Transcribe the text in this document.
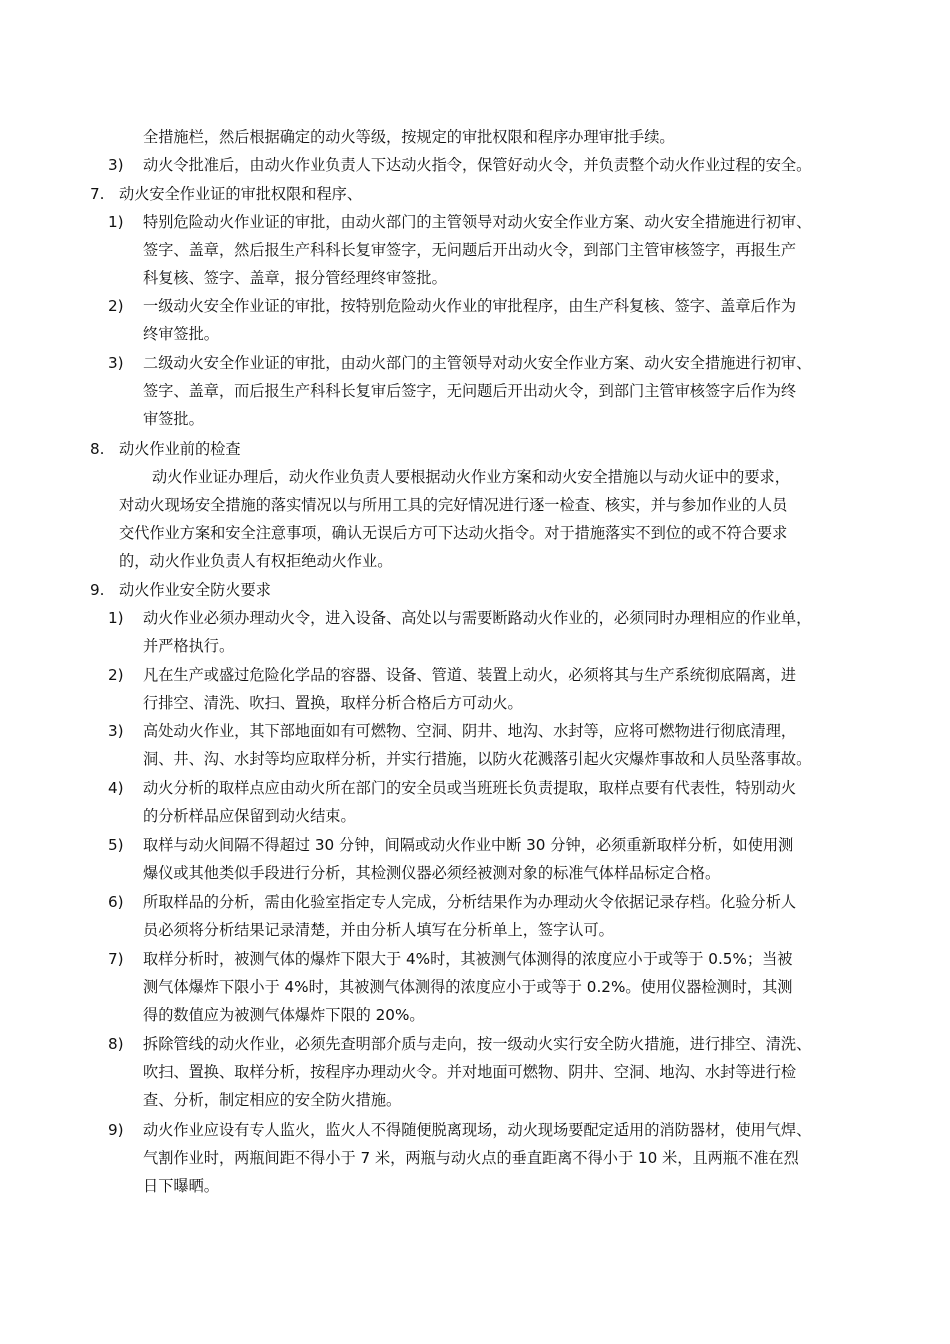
全措施栏，然后根据确定的动火等级，按规定的审批权限和程序办理审批手续。
3) 动火令批准后，由动火作业负责人下达动火指令，保管好动火令，并负责整个动火作业过程的安全。
7. 动火安全作业证的审批权限和程序、
1) 特别危险动火作业证的审批，由动火部门的主管领导对动火安全作业方案、动火安全措施进行初审、
签字、盖章，然后报生产科科长复审签字，无问题后开出动火令，到部门主管审核签字，再报生产
科复核、签字、盖章，报分管经理终审签批。
2) 一级动火安全作业证的审批，按特别危险动火作业的审批程序，由生产科复核、签字、盖章后作为
终审签批。
3) 二级动火安全作业证的审批，由动火部门的主管领导对动火安全作业方案、动火安全措施进行初审、
签字、盖章，而后报生产科科长复审后签字，无问题后开出动火令，到部门主管审核签字后作为终
审签批。
8. 动火作业前的检查
动火作业证办理后，动火作业负责人要根据动火作业方案和动火安全措施以与动火证中的要求，
对动火现场安全措施的落实情况以与所用工具的完好情况进行逐一检查、核实，并与参加作业的人员
交代作业方案和安全注意事项，确认无误后方可下达动火指令。对于措施落实不到位的或不符合要求
的，动火作业负责人有权拒绝动火作业。
9. 动火作业安全防火要求
1) 动火作业必须办理动火令，进入设备、高处以与需要断路动火作业的，必须同时办理相应的作业单，
并严格执行。
2) 凡在生产或盛过危险化学品的容器、设备、管道、装置上动火，必须将其与生产系统彻底隔离，进
行排空、清洗、吹扫、置换，取样分析合格后方可动火。
3) 高处动火作业，其下部地面如有可燃物、空洞、阴井、地沟、水封等，应将可燃物进行彻底清理，
洞、井、沟、水封等均应取样分析，并实行措施，以防火花溅落引起火灾爆炸事故和人员坠落事故。
4) 动火分析的取样点应由动火所在部门的安全员或当班班长负责提取，取样点要有代表性，特别动火
的分析样品应保留到动火结束。
5) 取样与动火间隔不得超过 30 分钟，间隔或动火作业中断 30 分钟，必须重新取样分析，如使用测
爆仪或其他类似手段进行分析，其检测仪器必须经被测对象的标准气体样品标定合格。
6) 所取样品的分析，需由化验室指定专人完成，分析结果作为办理动火令依据记录存档。化验分析人
员必须将分析结果记录清楚，并由分析人填写在分析单上，签字认可。
7) 取样分析时，被测气体的爆炸下限大于 4%时，其被测气体测得的浓度应小于或等于 0.5%；当被
测气体爆炸下限小于 4%时，其被测气体测得的浓度应小于或等于 0.2%。使用仪器检测时，其测
得的数值应为被测气体爆炸下限的 20%。
8) 拆除管线的动火作业，必须先查明部介质与走向，按一级动火实行安全防火措施，进行排空、清洗、
吹扫、置换、取样分析，按程序办理动火令。并对地面可燃物、阴井、空洞、地沟、水封等进行检
查、分析，制定相应的安全防火措施。
9) 动火作业应设有专人监火，监火人不得随便脱离现场，动火现场要配定适用的消防器材，使用气焊、
气割作业时，两瓶间距不得小于 7 米，两瓶与动火点的垂直距离不得小于 10 米，且两瓶不准在烈
日下曝晒。
